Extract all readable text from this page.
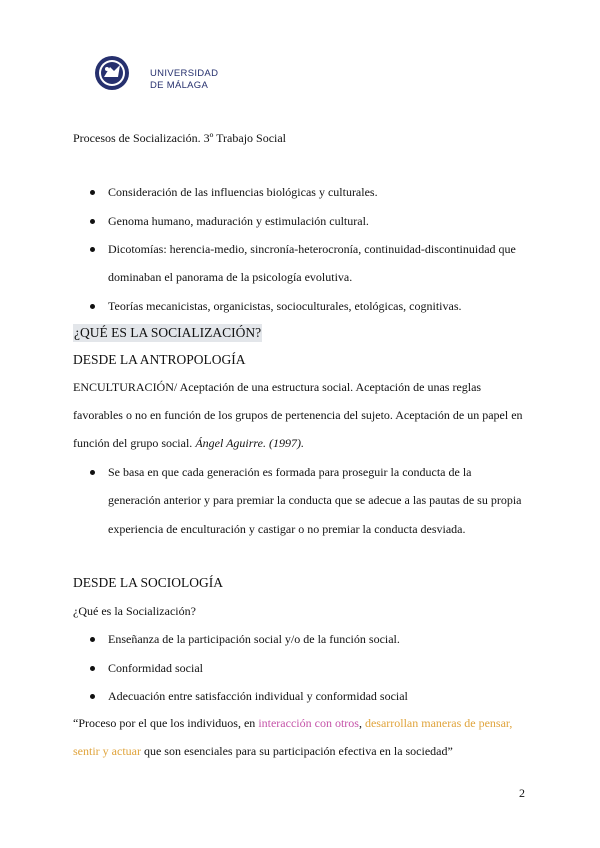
UNIVERSIDAD
DE MÁLAGA
Procesos de Socialización. 3º Trabajo Social
Consideración de las influencias biológicas y culturales.
Genoma humano, maduración y estimulación cultural.
Dicotomías: herencia-medio, sincronía-heterocronía, continuidad-discontinuidad que
dominaban el panorama de la psicología evolutiva.
Teorías mecanicistas, organicistas, socioculturales, etológicas, cognitivas.
¿QUÉ ES LA SOCIALIZACIÓN?
DESDE LA ANTROPOLOGÍA
ENCULTURACIÓN/ Aceptación de una estructura social. Aceptación de unas reglas
favorables o no en función de los grupos de pertenencia del sujeto. Aceptación de un papel en
función del grupo social. Ángel Aguirre. (1997).
Se basa en que cada generación es formada para proseguir la conducta de la
generación anterior y para premiar la conducta que se adecue a las pautas de su propia
experiencia de enculturación y castigar o no premiar la conducta desviada.
DESDE LA SOCIOLOGÍA
¿Qué es la Socialización?
Enseñanza de la participación social y/o de la función social.
Conformidad social
Adecuación entre satisfacción individual y conformidad social
“Proceso por el que los individuos, en interacción con otros, desarrollan maneras de pensar,
sentir y actuar que son esenciales para su participación efectiva en la sociedad”
2
